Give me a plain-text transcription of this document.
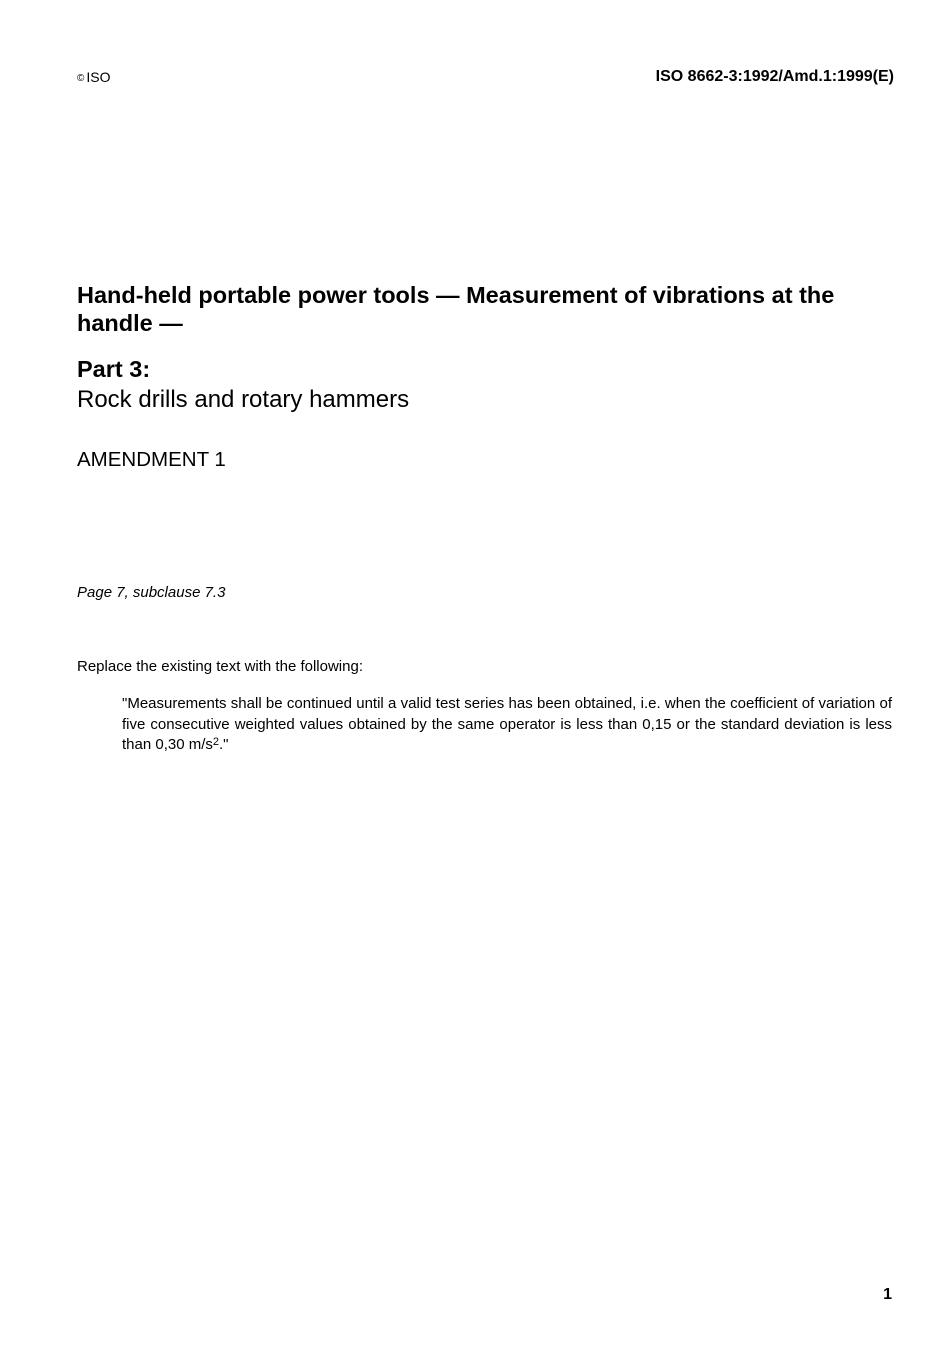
© ISO	ISO 8662-3:1992/Amd.1:1999(E)
Hand-held portable power tools — Measurement of vibrations at the handle —
Part 3:
Rock drills and rotary hammers
AMENDMENT 1
Page 7, subclause 7.3
Replace the existing text with the following:

"Measurements shall be continued until a valid test series has been obtained, i.e. when the coefficient of variation of five consecutive weighted values obtained by the same operator is less than 0,15 or the standard deviation is less than 0,30 $m/s^2$."

1
